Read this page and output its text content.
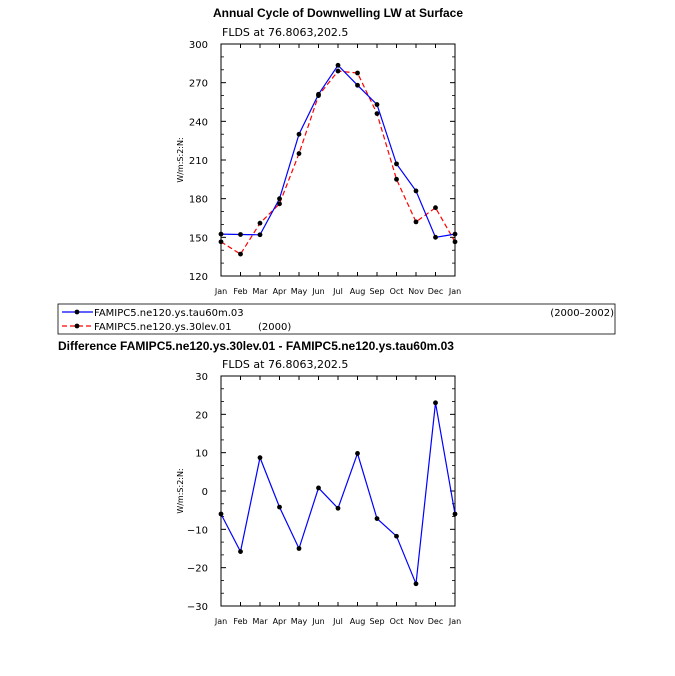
Annual Cycle of Downwelling LW at Surface
FLDS at 76.8063,202.5
W/m:S:2:N:
Jan Feb Mar Apr May Jun Jul Aug Sep Oct Nov Dec Jan
120
150
180
210
240
270
300
FAMIPC5.ne120.ys.tau60m.03	(2000–2002)
FAMIPC5.ne120.ys.30lev.01	(2000)
Difference FAMIPC5.ne120.ys.30lev.01 - FAMIPC5.ne120.ys.tau60m.03
FLDS at 76.8063,202.5
W/m:S:2:N:
Jan Feb Mar Apr May Jun Jul Aug Sep Oct Nov Dec Jan
−30
−20
−10
0
10
20
30
